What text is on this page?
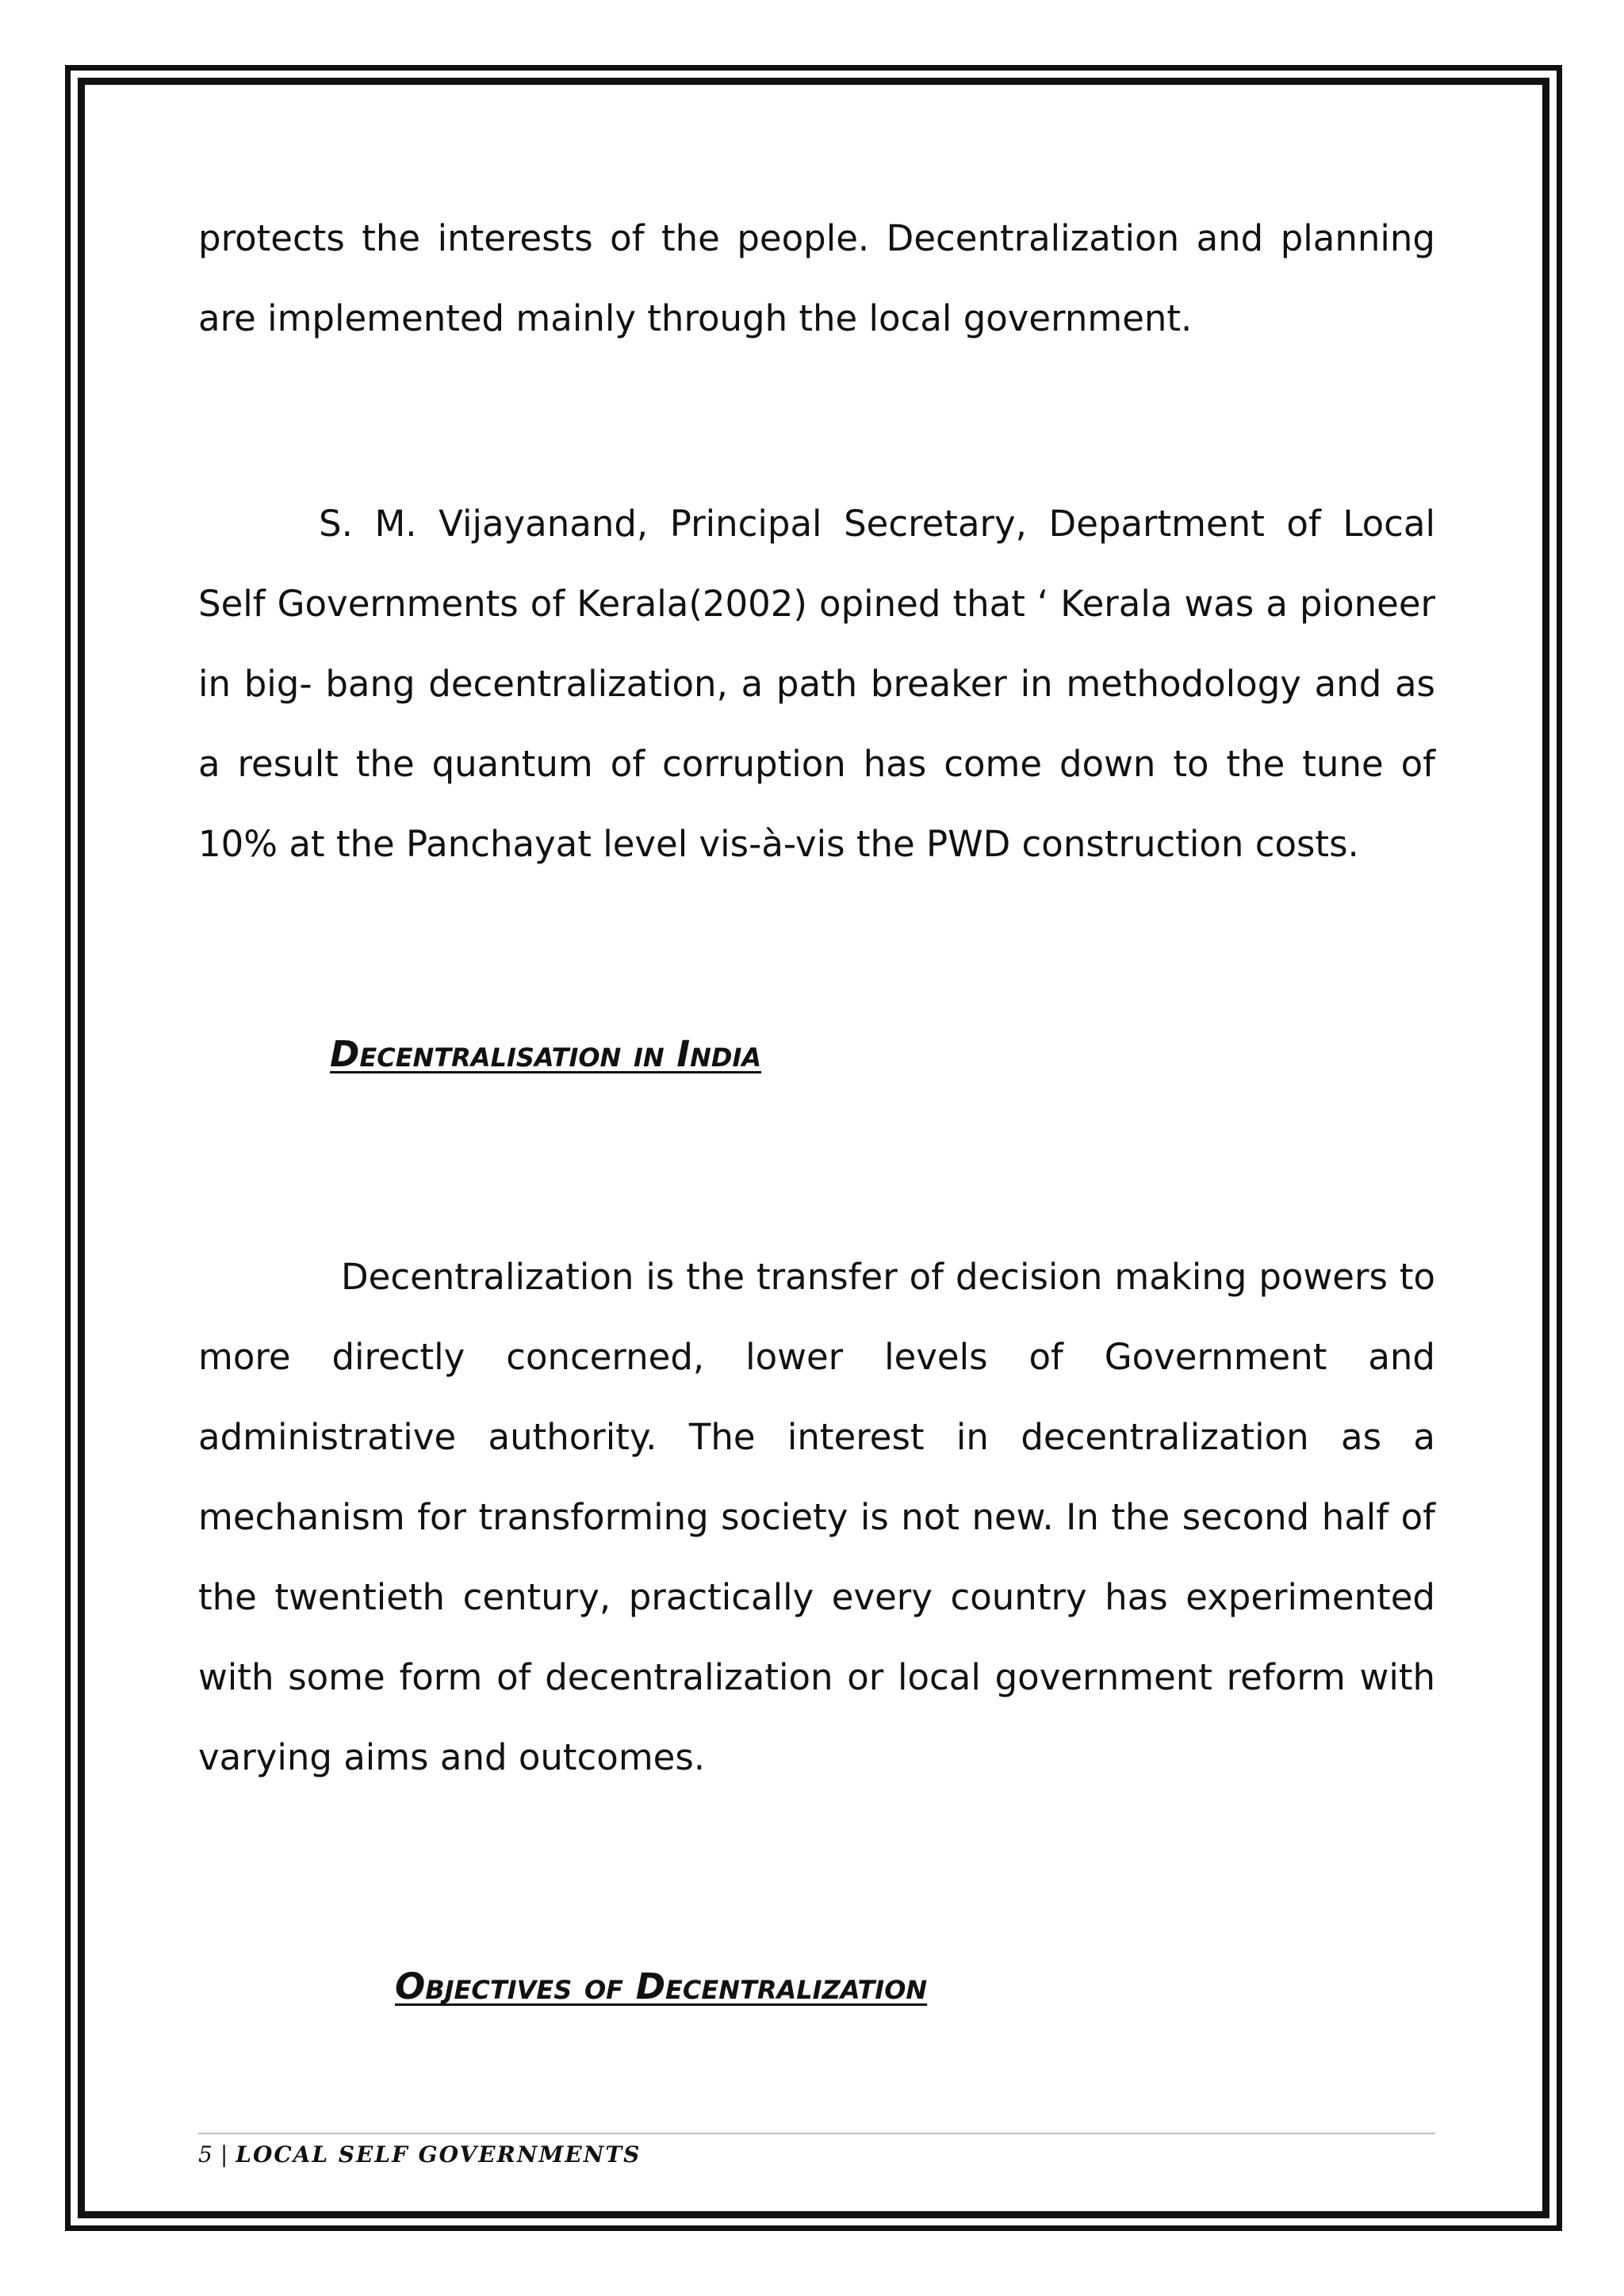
protects the interests of the people. Decentralization and planning are implemented mainly through the local government.

S. M. Vijayanand, Principal Secretary, Department of Local Self Governments of Kerala(2002) opined that ‘ Kerala was a pioneer in big- bang decentralization, a path breaker in methodology and as a result the quantum of corruption has come down to the tune of 10% at the Panchayat level vis-à-vis the PWD construction costs.

Decentralisation in India

Decentralization is the transfer of decision making powers to more directly concerned, lower levels of Government and administrative authority. The interest in decentralization as a mechanism for transforming society is not new. In the second half of the twentieth century, practically every country has experimented with some form of decentralization or local government reform with varying aims and outcomes.

Objectives of Decentralization
5 | LOCAL SELF GOVERNMENTS
